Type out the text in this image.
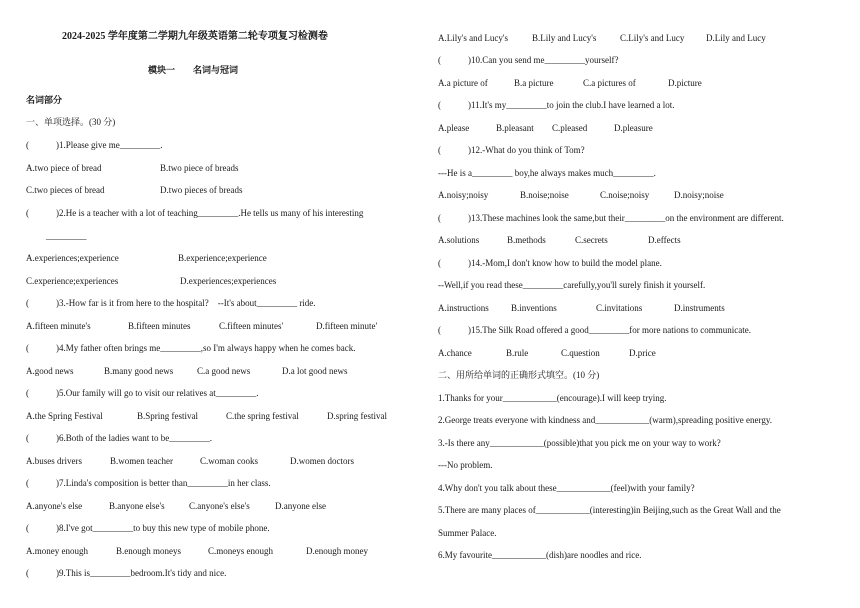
2024-2025 学年度第二学期九年级英语第二轮专项复习检测卷
模块一　　名词与冠词
名词部分
一、单项选择。(30 分)
(　　　)1.Please give me_________.
A.two piece of bread	B.two piece of breads
C.two pieces of bread	D.two pieces of breads
(　　　)2.He is a teacher with a lot of teaching_________.He tells us many of his interesting
_________
A.experiences;experience	B.experience;experience
C.experience;experiences	D.experiences;experiences
(　　　)3.-How far is it from here to the hospital?　--It's about_________ ride.
A.fifteen minute's	B.fifteen minutes	C.fifteen minutes'	D.fifteen minute'
(　　　)4.My father often brings me_________,so I'm always happy when he comes back.
A.good news	B.many good news	C.a good news	D.a lot good news
(　　　)5.Our family will go to visit our relatives at_________.
A.the Spring Festival	B.Spring festival	C.the spring festival	D.spring festival
(　　　)6.Both of the ladies want to be_________.
A.buses drivers	B.women teacher	C.woman cooks	D.women doctors
(　　　)7.Linda's composition is better than_________in her class.
A.anyone's else	B.anyone else's	C.anyone's else's	D.anyone else
(　　　)8.I've got_________to buy this new type of mobile phone.
A.money enough	B.enough moneys	C.moneys enough	D.enough money
(　　　)9.This is_________bedroom.It's tidy and nice.
A.Lily's and Lucy's	B.Lily and Lucy's	C.Lily's and Lucy D.Lily and Lucy
(　　　)10.Can you send me_________yourself?
A.a picture of	B.a picture	C.a pictures of	D.picture
(　　　)11.It's my_________to join the club.I have learned a lot.
A.please	B.pleasant C.pleased	D.pleasure
(　　　)12.-What do you think of Tom?
---He is a_________ boy,he always makes much_________.
A.noisy;noisy	B.noise;noise	C.noise;noisy	D.noisy;noise
(　　　)13.These machines look the same,but their_________on the environment are different.
A.solutions	B.methods	C.secrets	D.effects
(　　　)14.-Mom,I don't know how to build the model plane.
--Well,if you read these_________carefully,you'll surely finish it yourself.
A.instructions B.inventions	C.invitations	D.instruments
(　　　)15.The Silk Road offered a good_________for more nations to communicate.
A.chance	B.rule	C.question	D.price
二、用所给单词的正确形式填空。(10 分)
1.Thanks for your____________(encourage).I will keep trying.
2.George treats everyone with kindness and____________(warm),spreading positive energy.
3.-Is there any____________(possible)that you pick me on your way to work?
---No problem.
4.Why don't you talk about these____________(feel)with your family?
5.There are many places of____________(interesting)in Beijing,such as the Great Wall and the
Summer Palace.
6.My favourite____________(dish)are noodles and rice.
